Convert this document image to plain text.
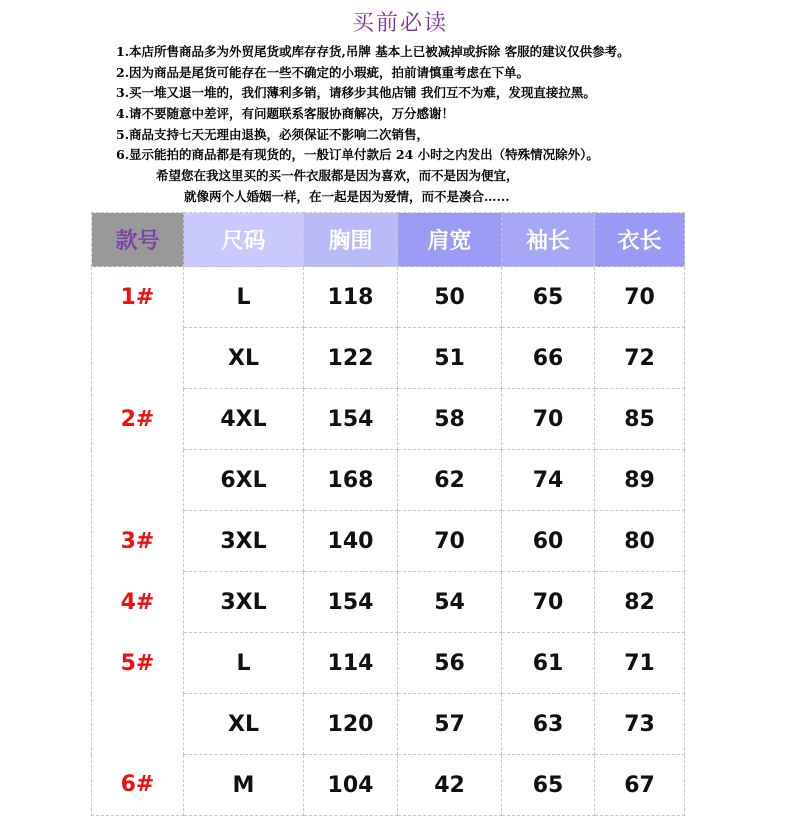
买前必读
1.本店所售商品多为外贸尾货或库存存货,吊牌 基本上已被减掉或拆除 客服的建议仅供参考。
2.因为商品是尾货可能存在一些不确定的小瑕疵，拍前请慎重考虑在下单。
3.买一堆又退一堆的，我们薄利多销，请移步其他店铺 我们互不为难，发现直接拉黑。
4.请不要随意中差评，有问题联系客服协商解决，万分感谢！
5.商品支持七天无理由退换，必须保证不影响二次销售，
6.显示能拍的商品都是有现货的，一般订单付款后 24 小时之内发出（特殊情况除外）。
希望您在我这里买的买一件衣服都是因为喜欢，而不是因为便宜，
就像两个人婚姻一样，在一起是因为爱情，而不是凑合…...
款号	尺码	胸围	肩宽	袖长	衣长
1#	L	118	50	65	70
	XL	122	51	66	72
2#	4XL	154	58	70	85
	6XL	168	62	74	89
3#	3XL	140	70	60	80
4#	3XL	154	54	70	82
5#	L	114	56	61	71
	XL	120	57	63	73
6#	M	104	42	65	67
